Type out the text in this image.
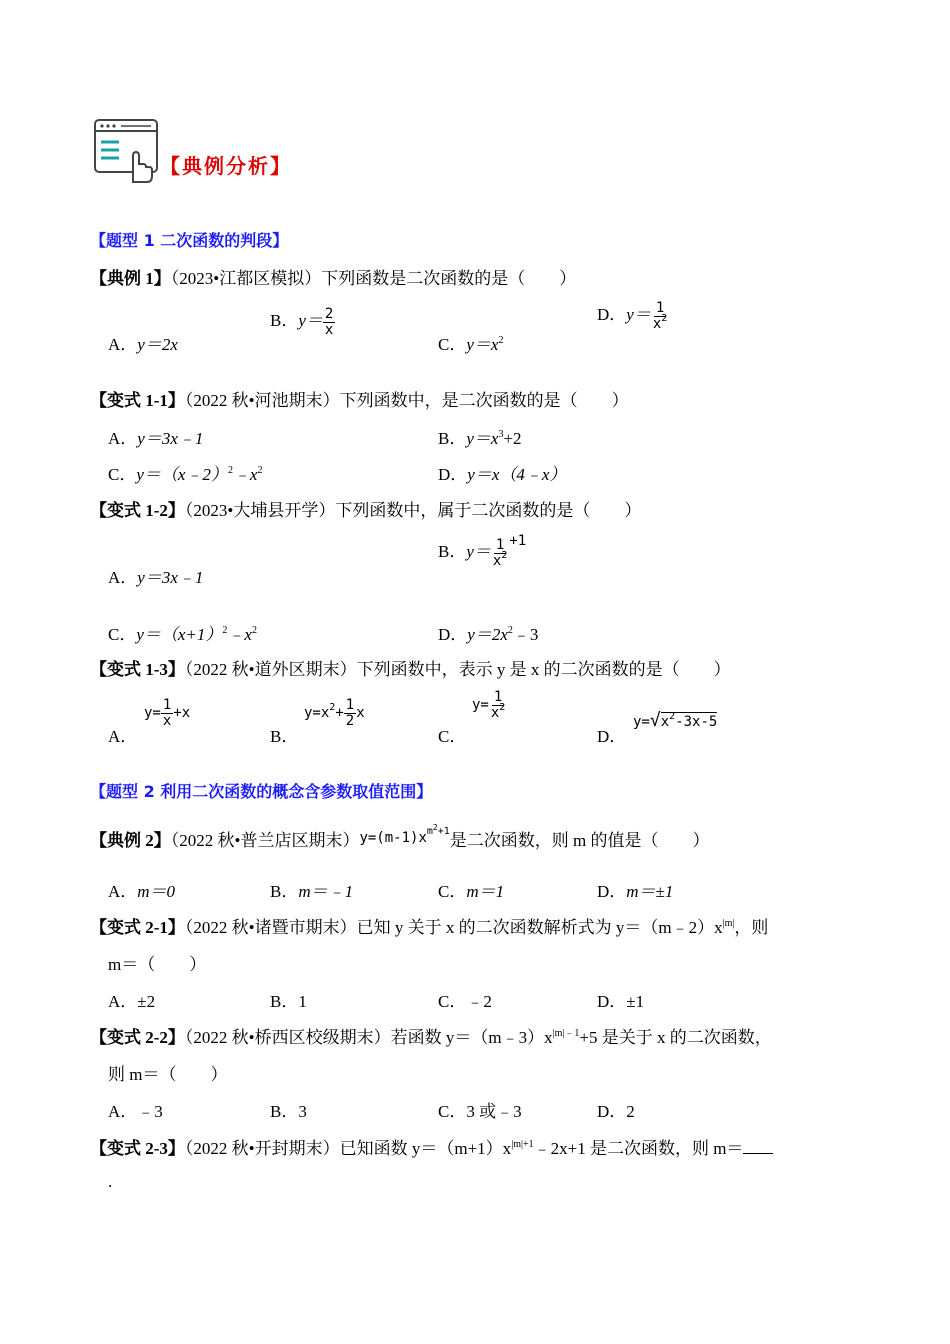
【典例分析】
【题型 1 二次函数的判段】
【典例 1】（2023•江都区模拟）下列函数是二次函数的是（　　）
A．y＝2x
B．$y= \frac{2}{x}$
C．$y=x^2$
D．$y= \frac{1}{x^2}$
【变式 1-1】（2022 秋•河池期末）下列函数中，是二次函数的是（　　）
A．y＝3x﹣1	B．$y=x^3+2$
C．$y=(x﹣2)^2﹣x^2$	D．y＝x（4﹣x）
【变式 1-2】（2023•大埔县开学）下列函数中，属于二次函数的是（　　）
A．y＝3x﹣1
B．$y= \frac{1}{x^2} ^{+1}$
C．$y=(x+1)^2﹣x^2$	D．$y=2x^2﹣3$
【变式 1-3】（2022 秋•道外区期末）下列函数中，表示 y 是 x 的二次函数的是（　　）
A．
$y= \frac{1}{x} +x$
B．
$y=x^2+ \frac{1}{2}$ x
C．
$y= \frac{1}{x^2}$
D．
$y=√x^2-3x-5$
【题型 2 利用二次函数的概念含参数取值范围】
【典例 2】（2022 秋•普兰店区期末）$^{y=(m-1)xm^2+1}$是二次函数，则 m 的值是（　　）
A．m＝0	B．m＝﹣1	C．m＝1	D．m＝±1
【变式 2-1】（2022 秋•诸暨市期末）已知 y 关于 x 的二次函数解析式为 $y=(m﹣2)x^{|m|}$，则
m＝（　　）
A．±2	B．1	C．﹣2	D．±1
【变式 2-2】（2022 秋•桥西区校级期末）若函数 $y=(m﹣3)x^{|m|﹣1}+5$ 是关于 x 的二次函数，
则 m＝（　　）
A．﹣3	B．3	C．3 或﹣3	D．2
【变式 2-3】（2022 秋•开封期末）已知函数 $y=(m+1)x^{|m|+1}﹣2x+1$ 是二次函数，则 m＝
.
